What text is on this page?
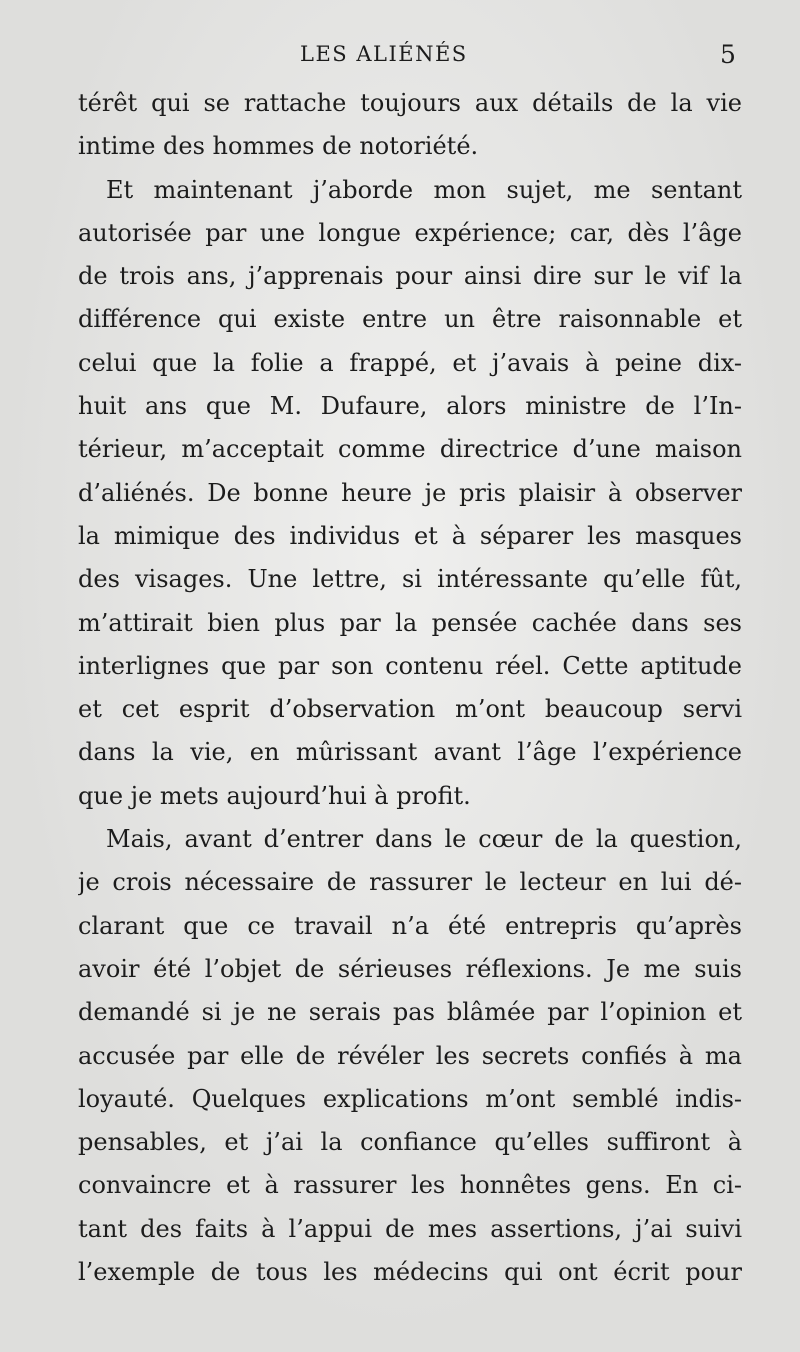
LES ALIÉNÉS	5
térêt qui se rattache toujours aux détails de la vie
intime des hommes de notoriété.
Et maintenant j’aborde mon sujet, me sentant
autorisée par une longue expérience; car, dès l’âge
de trois ans, j’apprenais pour ainsi dire sur le vif la
différence qui existe entre un être raisonnable et
celui que la folie a frappé, et j’avais à peine dix-
huit ans que M. Dufaure, alors ministre de l’In-
térieur, m’acceptait comme directrice d’une maison
d’aliénés. De bonne heure je pris plaisir à observer
la mimique des individus et à séparer les masques
des visages. Une lettre, si intéressante qu’elle fût,
m’attirait bien plus par la pensée cachée dans ses
interlignes que par son contenu réel. Cette aptitude
et cet esprit d’observation m’ont beaucoup servi
dans la vie, en mûrissant avant l’âge l’expérience
que je mets aujourd’hui à profit.
Mais, avant d’entrer dans le cœur de la question,
je crois nécessaire de rassurer le lecteur en lui dé-
clarant que ce travail n’a été entrepris qu’après
avoir été l’objet de sérieuses réflexions. Je me suis
demandé si je ne serais pas blâmée par l’opinion et
accusée par elle de révéler les secrets confiés à ma
loyauté. Quelques explications m’ont semblé indis-
pensables, et j’ai la confiance qu’elles suffiront à
convaincre et à rassurer les honnêtes gens. En ci-
tant des faits à l’appui de mes assertions, j’ai suivi
l’exemple de tous les médecins qui ont écrit pour
